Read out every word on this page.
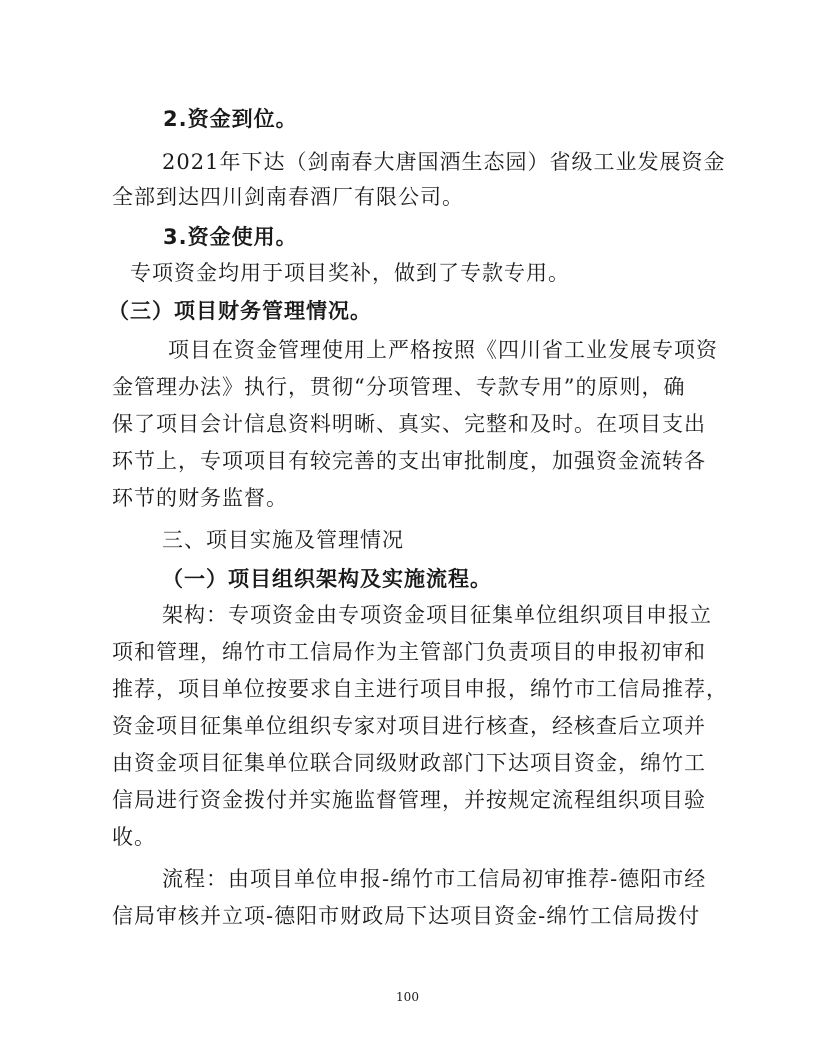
2.资金到位。
2021年下达（剑南春大唐国酒生态园）省级工业发展资金
全部到达四川剑南春酒厂有限公司。
3.资金使用。
专项资金均用于项目奖补，做到了专款专用。
（三）项目财务管理情况。
项目在资金管理使用上严格按照《四川省工业发展专项资
金管理办法》执行，贯彻“分项管理、专款专用”的原则，确
保了项目会计信息资料明晰、真实、完整和及时。在项目支出
环节上，专项项目有较完善的支出审批制度，加强资金流转各
环节的财务监督。
三、项目实施及管理情况
（一）项目组织架构及实施流程。
架构：专项资金由专项资金项目征集单位组织项目申报立
项和管理，绵竹市工信局作为主管部门负责项目的申报初审和
推荐，项目单位按要求自主进行项目申报，绵竹市工信局推荐，
资金项目征集单位组织专家对项目进行核查，经核查后立项并
由资金项目征集单位联合同级财政部门下达项目资金，绵竹工
信局进行资金拨付并实施监督管理，并按规定流程组织项目验
收。
流程：由项目单位申报-绵竹市工信局初审推荐-德阳市经
信局审核并立项-德阳市财政局下达项目资金-绵竹工信局拨付
100
